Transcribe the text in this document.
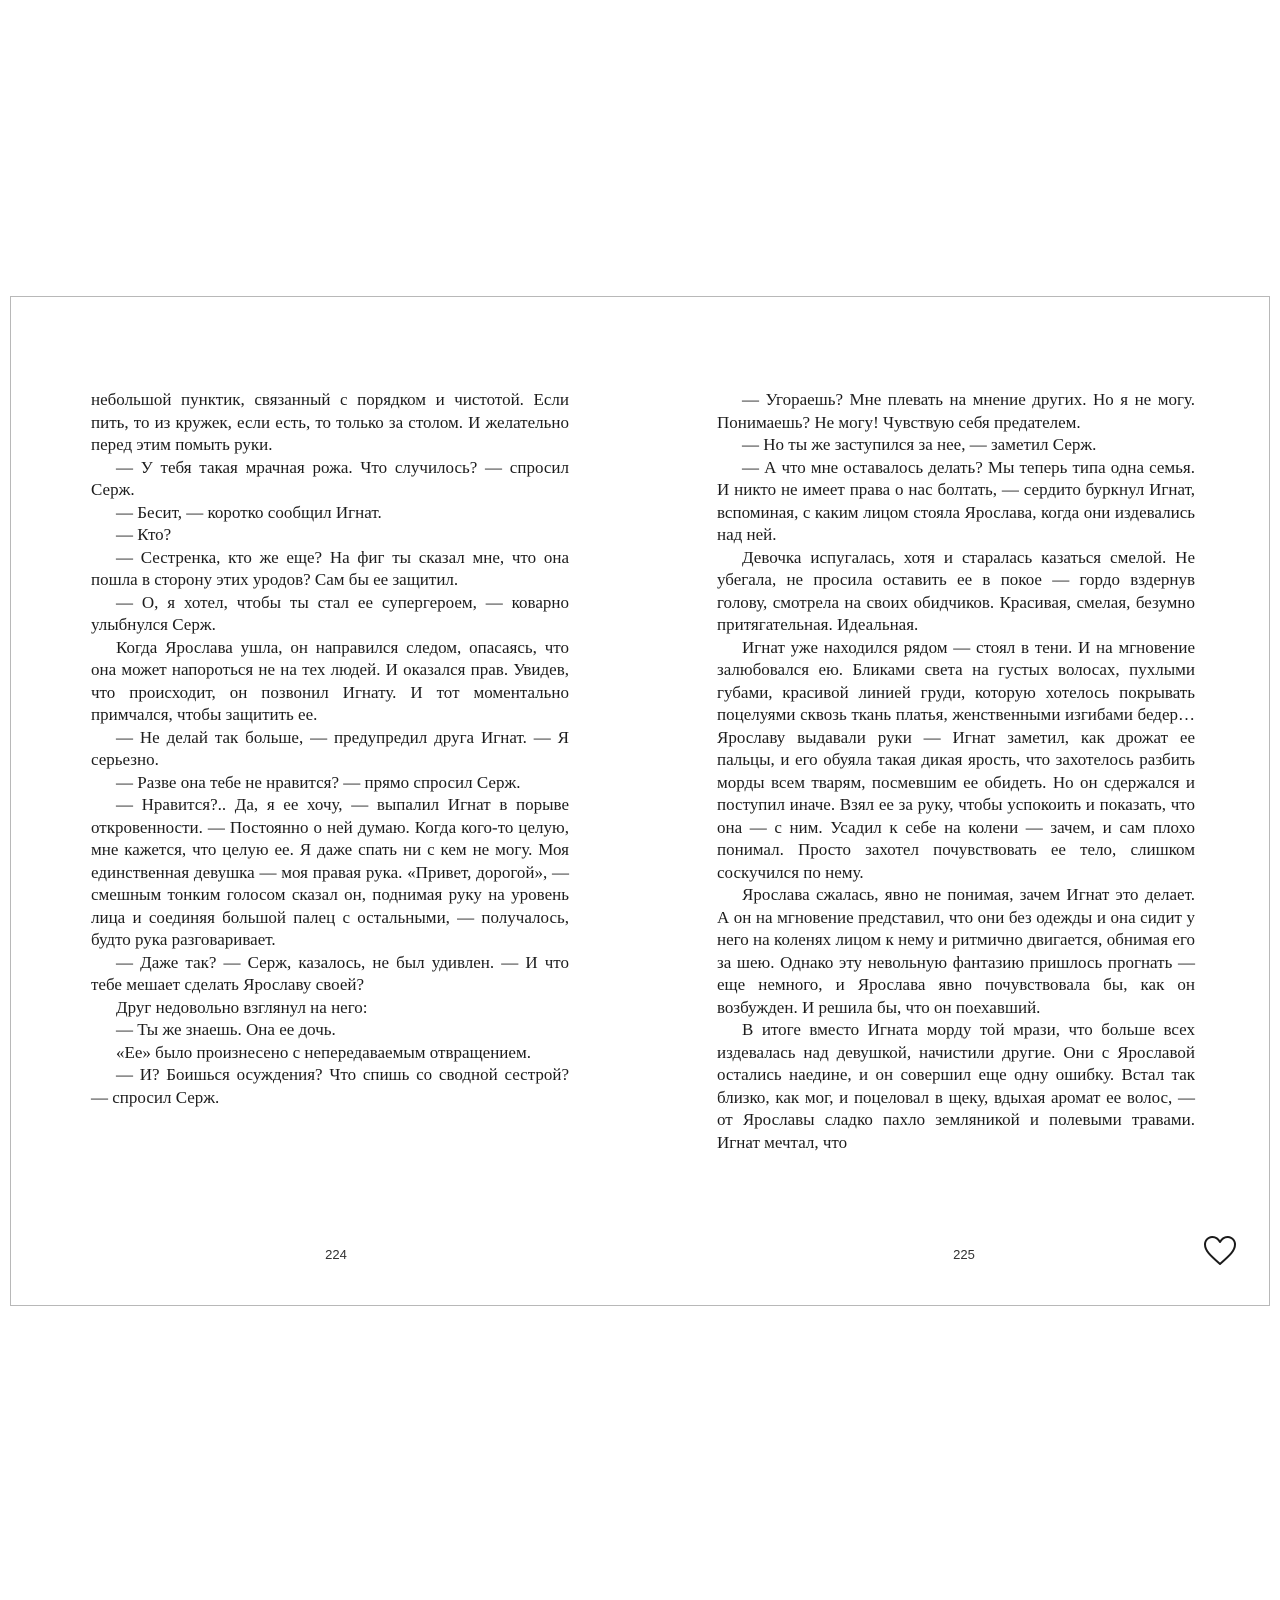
небольшой пунктик, связанный с порядком и чистотой. Если пить, то из кружек, если есть, то только за столом. И желательно перед этим помыть руки.

— У тебя такая мрачная рожа. Что случилось? — спросил Серж.

— Бесит, — коротко сообщил Игнат.

— Кто?

— Сестренка, кто же еще? На фиг ты сказал мне, что она пошла в сторону этих уродов? Сам бы ее защитил.

— О, я хотел, чтобы ты стал ее супергероем, — коварно улыбнулся Серж.

Когда Ярослава ушла, он направился следом, опасаясь, что она может напороться не на тех людей. И оказался прав. Увидев, что происходит, он позвонил Игнату. И тот моментально примчался, чтобы защитить ее.

— Не делай так больше, — предупредил друга Игнат. — Я серьезно.

— Разве она тебе не нравится? — прямо спросил Серж.

— Нравится?.. Да, я ее хочу, — выпалил Игнат в порыве откровенности. — Постоянно о ней думаю. Когда кого-то целую, мне кажется, что целую ее. Я даже спать ни с кем не могу. Моя единственная девушка — моя правая рука. «Привет, дорогой», — смешным тонким голосом сказал он, поднимая руку на уровень лица и соединяя большой палец с остальными, — получалось, будто рука разговаривает.

— Даже так? — Серж, казалось, не был удивлен. — И что тебе мешает сделать Ярославу своей?

Друг недовольно взглянул на него:

— Ты же знаешь. Она ее дочь.

«Ее» было произнесено с непередаваемым отвращением.

— И? Боишься осуждения? Что спишь со сводной сестрой? — спросил Серж.

— Угораешь? Мне плевать на мнение других. Но я не могу. Понимаешь? Не могу! Чувствую себя предателем.

— Но ты же заступился за нее, — заметил Серж.

— А что мне оставалось делать? Мы теперь типа одна семья. И никто не имеет права о нас болтать, — сердито буркнул Игнат, вспоминая, с каким лицом стояла Ярослава, когда они издевались над ней.

Девочка испугалась, хотя и старалась казаться смелой. Не убегала, не просила оставить ее в покое — гордо вздернув голову, смотрела на своих обидчиков. Красивая, смелая, безумно притягательная. Идеальная.

Игнат уже находился рядом — стоял в тени. И на мгновение залюбовался ею. Бликами света на густых волосах, пухлыми губами, красивой линией груди, которую хотелось покрывать поцелуями сквозь ткань платья, женственными изгибами бедер… Ярославу выдавали руки — Игнат заметил, как дрожат ее пальцы, и его обуяла такая дикая ярость, что захотелось разбить морды всем тварям, посмевшим ее обидеть. Но он сдержался и поступил иначе. Взял ее за руку, чтобы успокоить и показать, что она — с ним. Усадил к себе на колени — зачем, и сам плохо понимал. Просто захотел почувствовать ее тело, слишком соскучился по нему.

Ярослава сжалась, явно не понимая, зачем Игнат это делает. А он на мгновение представил, что они без одежды и она сидит у него на коленях лицом к нему и ритмично двигается, обнимая его за шею. Однако эту невольную фантазию пришлось прогнать — еще немного, и Ярослава явно почувствовала бы, как он возбужден. И решила бы, что он поехавший.

В итоге вместо Игната морду той мрази, что больше всех издевалась над девушкой, начистили другие. Они с Ярославой остались наедине, и он совершил еще одну ошибку. Встал так близко, как мог, и поцеловал в щеку, вдыхая аромат ее волос, — от Ярославы сладко пахло земляникой и полевыми травами. Игнат мечтал, что

224	225
